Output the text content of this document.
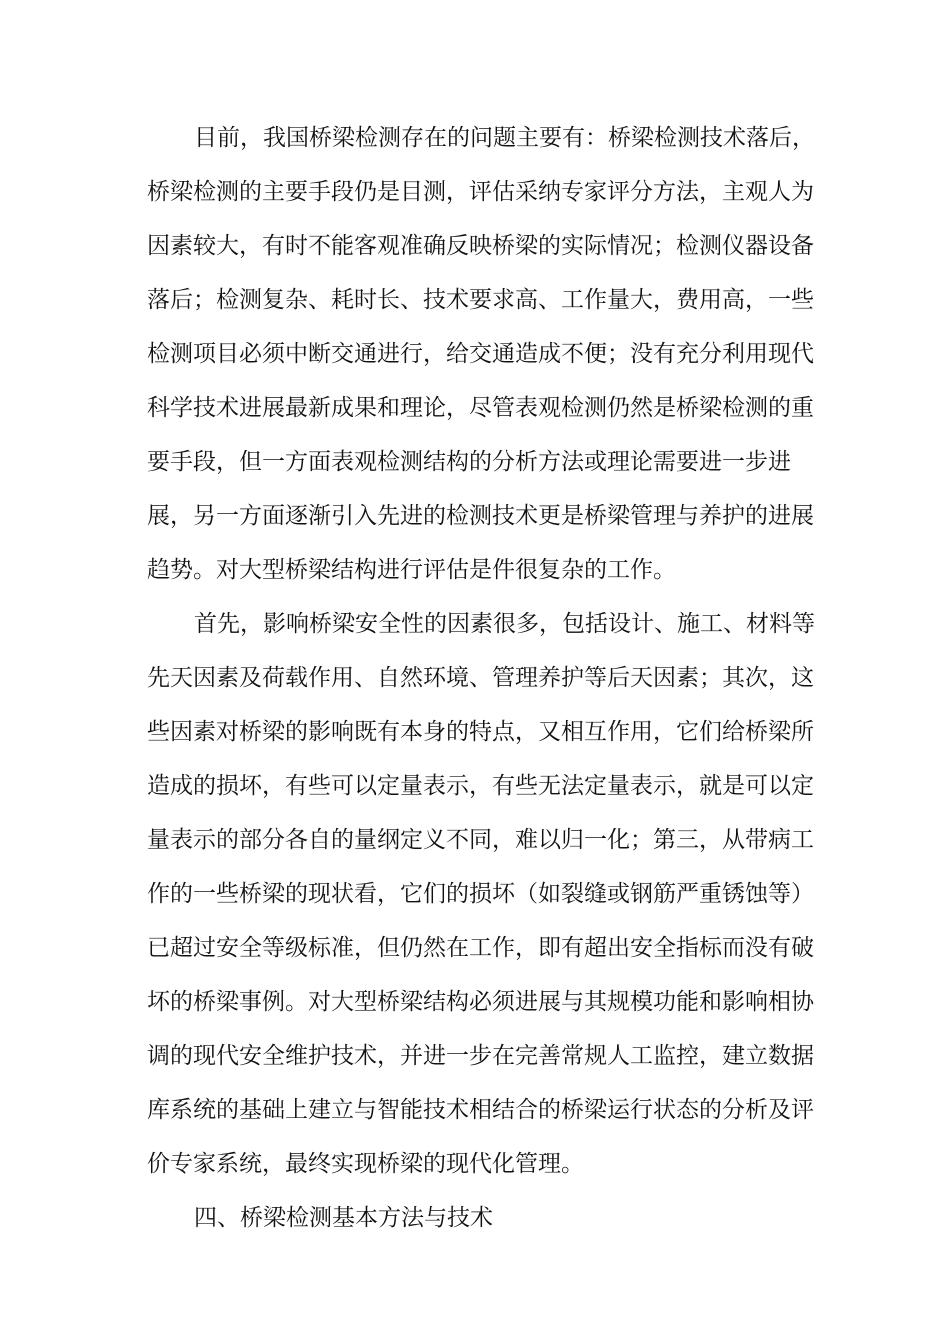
目前，我国桥梁检测存在的问题主要有：桥梁检测技术落后，
桥梁检测的主要手段仍是目测，评估采纳专家评分方法，主观人为
因素较大，有时不能客观准确反映桥梁的实际情况；检测仪器设备
落后；检测复杂、耗时长、技术要求高、工作量大，费用高，一些
检测项目必须中断交通进行，给交通造成不便；没有充分利用现代
科学技术进展最新成果和理论，尽管表观检测仍然是桥梁检测的重
要手段，但一方面表观检测结构的分析方法或理论需要进一步进
展，另一方面逐渐引入先进的检测技术更是桥梁管理与养护的进展
趋势。对大型桥梁结构进行评估是件很复杂的工作。
首先，影响桥梁安全性的因素很多，包括设计、施工、材料等
先天因素及荷载作用、自然环境、管理养护等后天因素；其次，这
些因素对桥梁的影响既有本身的特点，又相互作用，它们给桥梁所
造成的损坏，有些可以定量表示，有些无法定量表示，就是可以定
量表示的部分各自的量纲定义不同，难以归一化；第三，从带病工
作的一些桥梁的现状看，它们的损坏（如裂缝或钢筋严重锈蚀等）
已超过安全等级标准，但仍然在工作，即有超出安全指标而没有破
坏的桥梁事例。对大型桥梁结构必须进展与其规模功能和影响相协
调的现代安全维护技术，并进一步在完善常规人工监控，建立数据
库系统的基础上建立与智能技术相结合的桥梁运行状态的分析及评
价专家系统，最终实现桥梁的现代化管理。
四、桥梁检测基本方法与技术
